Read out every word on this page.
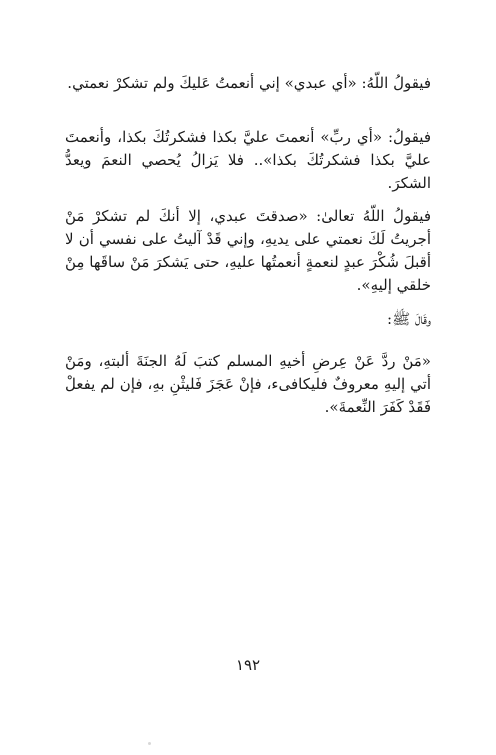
فيقولُ اللّهُ: «أي عبدي» إني أنعمتُ عَليكَ ولم تشكرْ نعمتي.

فيقولُ: «أي ربِّ» أنعمتَ عليَّ بكذا فشكرتُكَ بكذا، وأنعمتَ عليَّ بكذا فشكرتُكَ بكذا».. فلا يَزالُ يُحصي النعمَ ويعدُّ الشكرَ.

فيقولُ اللّهُ تعالىٰ: «صدقتَ عبدي، إلا أنكَ لم تشكرْ مَنْ أجريتُ لَكَ نعمتي على يديهِ، وإني قَدْ آليتُ على نفسي أن لا أقبلَ شُكْرَ عبدٍ لنعمةٍ أنعمتُها عليهِ، حتى يَشكرَ مَنْ ساقَها مِنْ خلقي إليهِ».

وقَالَ ﷺ:

«مَنْ ردَّ عَنْ عِرضِ أخيهِ المسلم كتبَ لَهُ الجنَةَ ألبتهِ، ومَنْ أتي إليهِ معروفٌ فليكافىء، فإنْ عَجَزَ فَليثْنِ بهِ، فإن لم يفعلْ فَقَدْ كَفَرَ النِّعمةَ».

١٩٢
